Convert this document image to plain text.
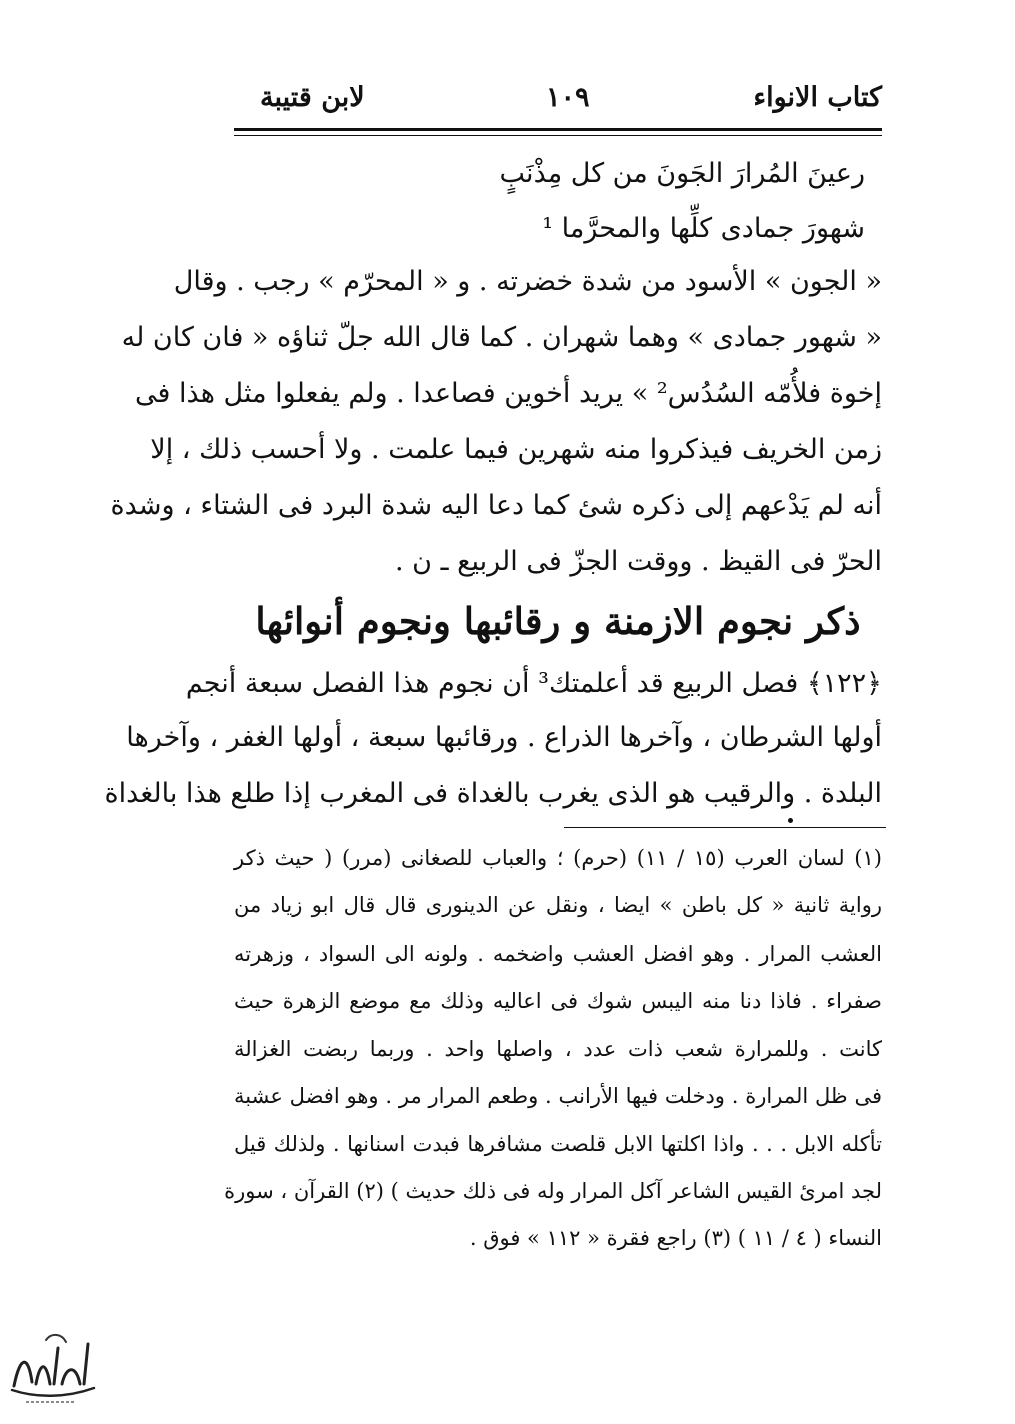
كتاب الانواء
١٠٩
لابن قتيبة
رعينَ المُرارَ الجَونَ من كل مِذْنَبٍ
شهورَ جمادى كلِّها والمحرَّما ¹
« الجون » الأسود من شدة خضرته . و « المحرّم » رجب . وقال
« شهور جمادى » وهما شهران . كما قال الله جلّ ثناؤه « فان كان له
إخوة فلأُمّه السُدُس² » يريد أخوين فصاعدا . ولم يفعلوا مثل هذا فى
زمن الخريف فيذكروا منه شهرين فيما علمت . ولا أحسب ذلك ، إلا
أنه لم يَدْعهم إلى ذكره شئ كما دعا اليه شدة البرد فى الشتاء ، وشدة
الحرّ فى القيظ . ووقت الجزّ فى الربيع ـ ن .
ذكر نجوم الازمنة و رقائبها ونجوم أنوائها
﴿١٢٢﴾ فصل الربيع قد أعلمتك³ أن نجوم هذا الفصل سبعة أنجم
أولها الشرطان ، وآخرها الذراع . ورقائبها سبعة ، أولها الغفر ، وآخرها
البلدة . والرقيب هو الذى يغرب بالغداة فى المغرب إذا طلع هذا بالغداة
(١) لسان العرب (١٥ / ١١) (حرم) ؛ والعباب للصغانى (مرر) ( حيث ذكر
رواية ثانية « كل باطن » ايضا ، ونقل عن الدينورى قال قال ابو زياد من
العشب المرار . وهو افضل العشب واضخمه . ولونه الى السواد ، وزهرته
صفراء . فاذا دنا منه اليبس شوك فى اعاليه وذلك مع موضع الزهرة حيث
كانت . وللمرارة شعب ذات عدد ، واصلها واحد . وربما ربضت الغزالة
فى ظل المرارة . ودخلت فيها الأرانب . وطعم المرار مر . وهو افضل عشبة
تأكله الابل . . . واذا اكلتها الابل قلصت مشافرها فبدت اسنانها . ولذلك قيل
لجد امرئ القيس الشاعر آكل المرار وله فى ذلك حديث ) (٢) القرآن ، سورة
النساء ( ٤ / ١١ ) (٣) راجع فقرة « ١١٢ » فوق .
